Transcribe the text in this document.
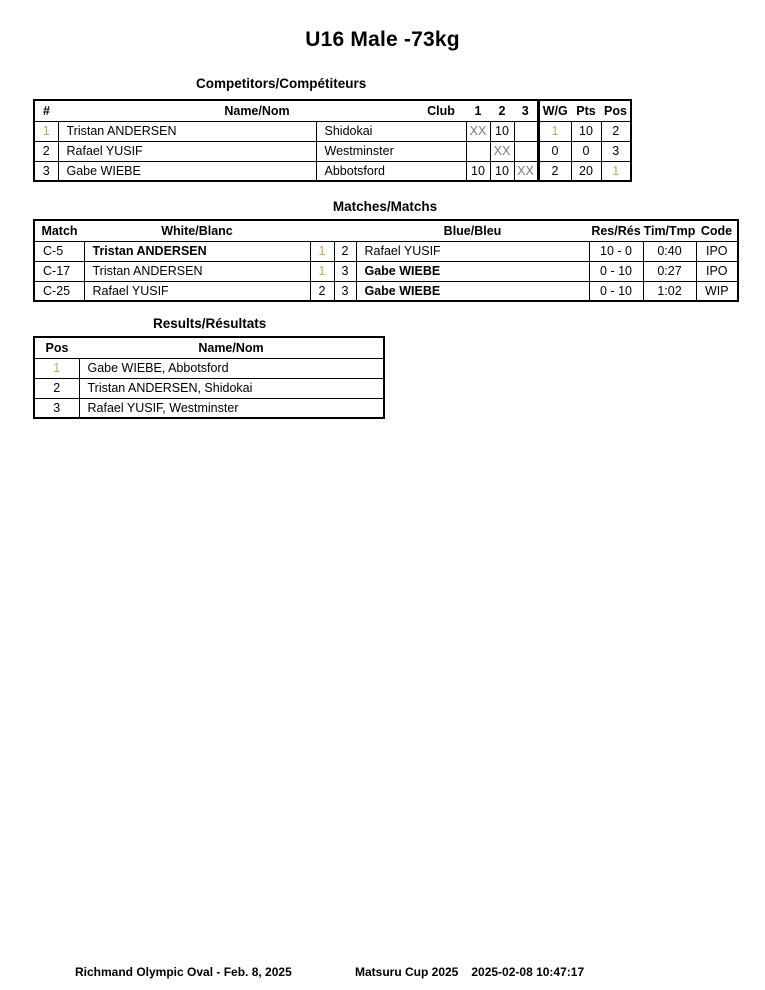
U16 Male -73kg
Competitors/Compétiteurs
#	Name/Nom	Club	1	2	3	W/G	Pts	Pos
1	Tristan ANDERSEN	Shidokai	XX	10		1	10	2
2	Rafael YUSIF	Westminster		XX		0	0	3
3	Gabe WIEBE	Abbotsford	10	10	XX	2	20	1
Matches/Matchs
Match	White/Blanc			Blue/Bleu	Res/Rés	Tim/Tmp	Code
C-5	Tristan ANDERSEN	1	2	Rafael YUSIF	10 - 0	0:40	IPO
C-17	Tristan ANDERSEN	1	3	Gabe WIEBE	0 - 10	0:27	IPO
C-25	Rafael YUSIF	2	3	Gabe WIEBE	0 - 10	1:02	WIP
Results/Résultats
Pos	Name/Nom
1	Gabe WIEBE, Abbotsford
2	Tristan ANDERSEN, Shidokai
3	Rafael YUSIF, Westminster
Richmand Olympic Oval - Feb. 8, 2025	Matsuru Cup 2025 2025-02-08 10:47:17
